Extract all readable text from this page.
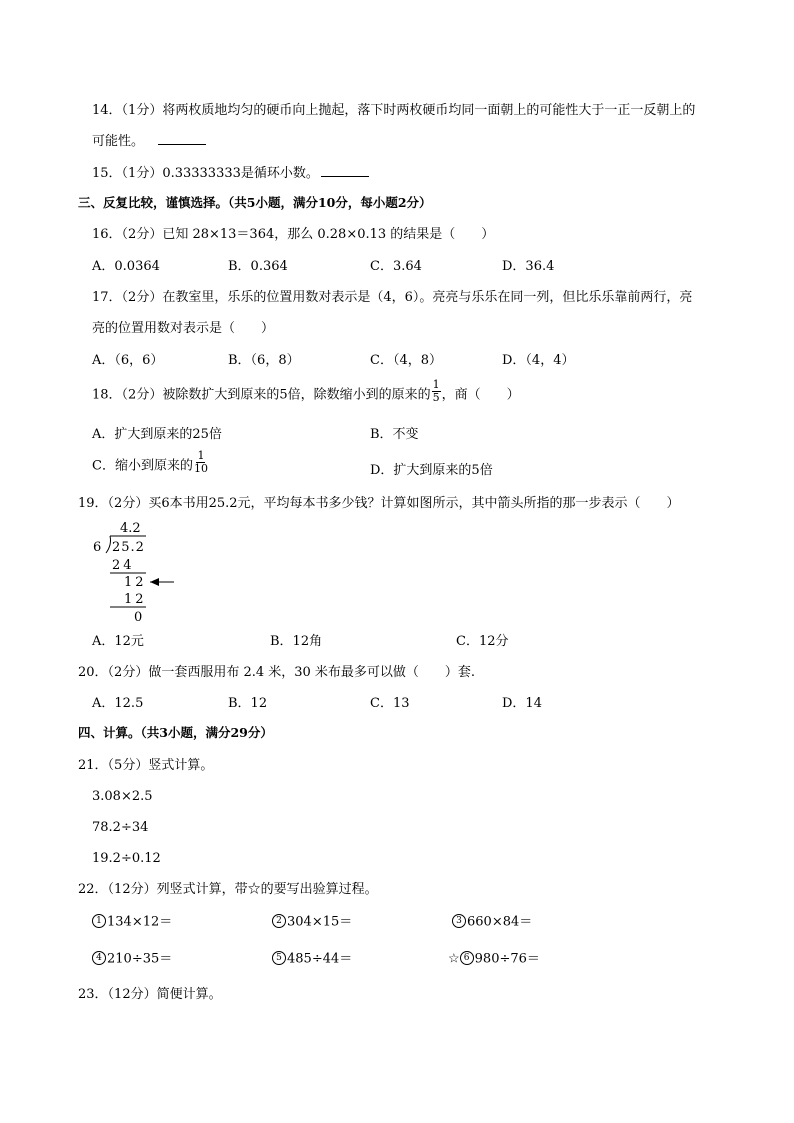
14．（1分）将两枚质地均匀的硬币向上抛起，落下时两枚硬币均同一面朝上的可能性大于一正一反朝上的
可能性。
15．（1分）0.33333333是循环小数。
三、反复比较，谨慎选择。（共5小题，满分10分，每小题2分）
16．（2分）已知 28×13＝364，那么 0.28×0.13 的结果是（　　）
A．0.0364	B．0.364	C．3.64	D．36.4
17．（2分）在教室里，乐乐的位置用数对表示是（4，6）。亮亮与乐乐在同一列，但比乐乐靠前两行，亮
亮的位置用数对表示是（　　）
A．（6，6）	B．（6，8）	C．（4，8）	D．（4，4）
18．（2分）被除数扩大到原来的5倍，除数缩小到的原来的 $\frac{1}{5}$ ，商（　　）
A．扩大到原来的25倍	B．不变
C．缩小到原来的 $\frac{1}{10}$	D．扩大到原来的5倍
19．（2分）买6本书用25.2元，平均每本书多少钱？计算如图所示，其中箭头所指的那一步表示（　　）
4.2
6 25.2
24
12
12
0
A．12元	B．12角	C．12分
20．（2分）做一套西服用布 2.4 米，30 米布最多可以做（　　）套.
A．12.5	B．12	C．13	D．14
四、计算。（共3小题，满分29分）
21．（5分）竖式计算。
3.08×2.5
78.2÷34
19.2÷0.12
22．（12分）列竖式计算，带☆的要写出验算过程。
1 134×12＝	2 304×15＝	3 660×84＝
4 210÷35＝	5 485÷44＝	☆ 6 980÷76＝
23．（12分）简便计算。
